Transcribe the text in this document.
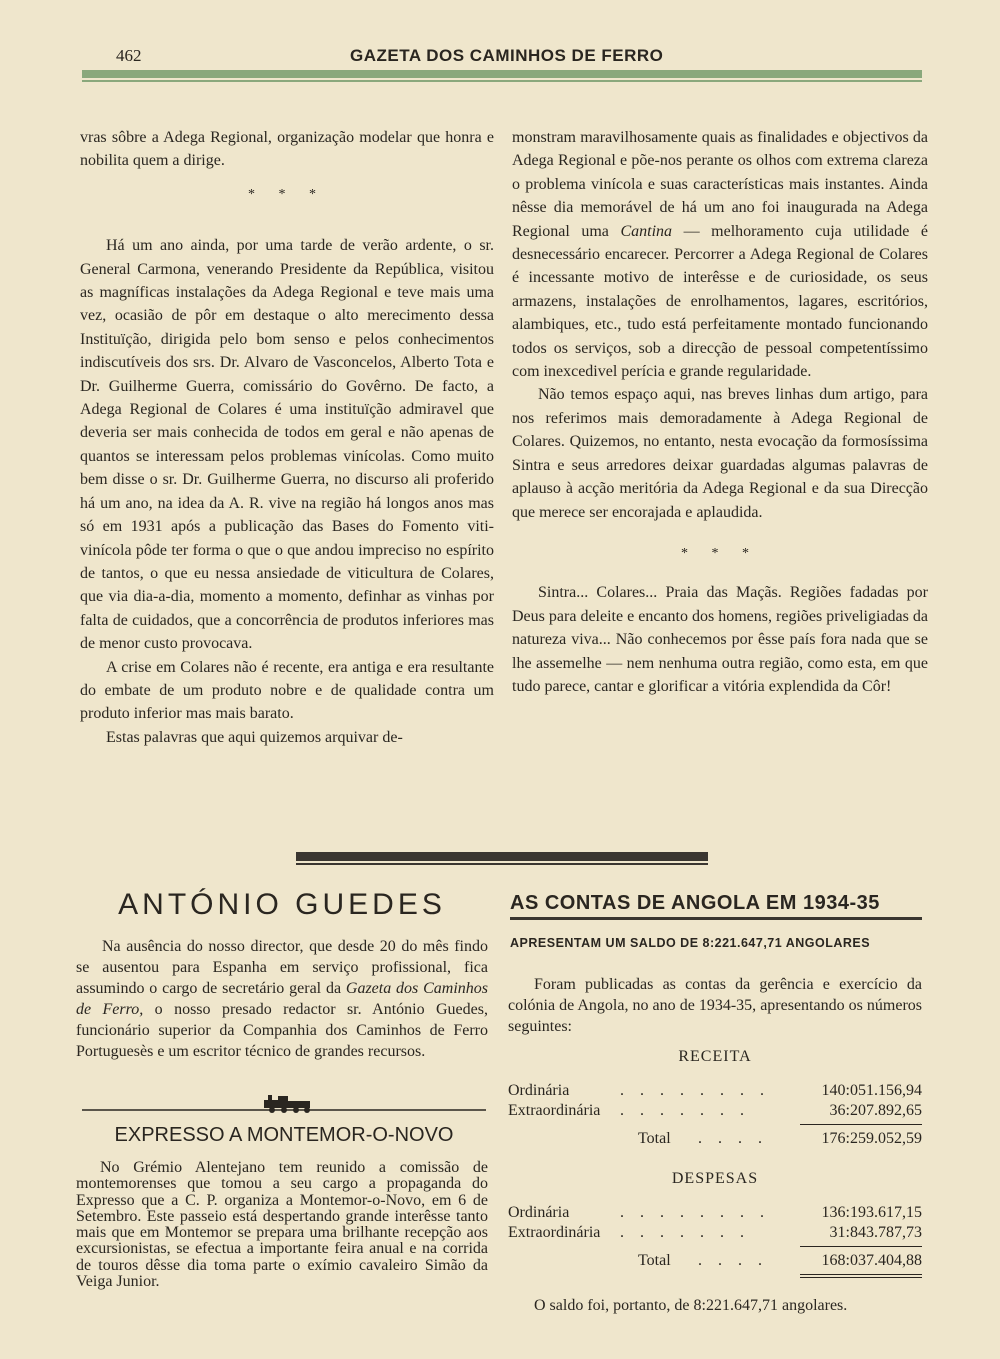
462	GAZETA DOS CAMINHOS DE FERRO

vras sôbre a Adega Regional, organização modelar que honra e nobilita quem a dirige.

* * *

Há um ano ainda, por uma tarde de verão ardente, o sr. General Carmona, venerando Presidente da República, visitou as magníficas instalações da Adega Regional e teve mais uma vez, ocasião de pôr em destaque o alto merecimento dessa Instituïção, dirigida pelo bom senso e pelos conhecimentos indiscutíveis dos srs. Dr. Alvaro de Vasconcelos, Alberto Tota e Dr. Guilherme Guerra, comissário do Govêrno. De facto, a Adega Regional de Colares é uma instituïção admiravel que deveria ser mais conhecida de todos em geral e não apenas de quantos se interessam pelos problemas vinícolas. Como muito bem disse o sr. Dr. Guilherme Guerra, no discurso ali proferido há um ano, na idea da A. R. vive na região há longos anos mas só em 1931 após a publicação das Bases do Fomento viti-vinícola pôde ter forma o que o que andou impreciso no espírito de tantos, o que eu nessa ansiedade de viticultura de Colares, que via dia-a-dia, momento a momento, definhar as vinhas por falta de cuidados, que a concorrência de produtos inferiores mas de menor custo provocava.

A crise em Colares não é recente, era antiga e era resultante do embate de um produto nobre e de qualidade contra um produto inferior mas mais barato.

Estas palavras que aqui quizemos arquivar de-

monstram maravilhosamente quais as finalidades e objectivos da Adega Regional e põe-nos perante os olhos com extrema clareza o problema vinícola e suas características mais instantes. Ainda nêsse dia memorável de há um ano foi inaugurada na Adega Regional uma Cantina — melhoramento cuja utilidade é desnecessário encarecer. Percorrer a Adega Regional de Colares é incessante motivo de interêsse e de curiosidade, os seus armazens, instalações de enrolhamentos, lagares, escritórios, alambiques, etc., tudo está perfeitamente montado funcionando todos os serviços, sob a direcção de pessoal competentíssimo com inexcedivel perícia e grande regularidade.

Não temos espaço aqui, nas breves linhas dum artigo, para nos referimos mais demoradamente à Adega Regional de Colares. Quizemos, no entanto, nesta evocação da formosíssima Sintra e seus arredores deixar guardadas algumas palavras de aplauso à acção meritória da Adega Regional e da sua Direcção que merece ser encorajada e aplaudida.

* * *

Sintra... Colares... Praia das Maçãs. Regiões fadadas por Deus para deleite e encanto dos homens, regiões priveligiadas da natureza viva... Não conhecemos por êsse país fora nada que se lhe assemelhe — nem nenhuma outra região, como esta, em que tudo parece, cantar e glorificar a vitória explendida da Côr!

ANTÓNIO GUEDES

Na ausência do nosso director, que desde 20 do mês findo se ausentou para Espanha em serviço profissional, fica assumindo o cargo de secretário geral da Gazeta dos Caminhos de Ferro, o nosso presado redactor sr. António Guedes, funcionário superior da Companhia dos Caminhos de Ferro Portuguesès e um escritor técnico de grandes recursos.

EXPRESSO A MONTEMOR-O-NOVO

No Grémio Alentejano tem reunido a comissão de montemorenses que tomou a seu cargo a propaganda do Expresso que a C. P. organiza a Montemor-o-Novo, em 6 de Setembro. Este passeio está despertando grande interêsse tanto mais que em Montemor se prepara uma brilhante recepção aos excursionistas, se efectua a importante feira anual e na corrida de touros dêsse dia toma parte o exímio cavaleiro Simão da Veiga Junior.

AS CONTAS DE ANGOLA EM 1934-35
APRESENTAM UM SALDO DE 8:221.647,71 ANGOLARES

Foram publicadas as contas da gerência e exercício da colónia de Angola, no ano de 1934-35, apresentando os números seguintes:

RECEITA
Ordinária	. . . . . . . .	140:051.156,94
Extraordinária . . . . . . .	36:207.892,65
Total . . . .	176:259.052,59
DESPESAS
Ordinária	. . . . . . . .	136:193.617,15
Extraordinária . . . . . . .	31:843.787,73
Total . . . .	168:037.404,88

O saldo foi, portanto, de 8:221.647,71 angolares.
